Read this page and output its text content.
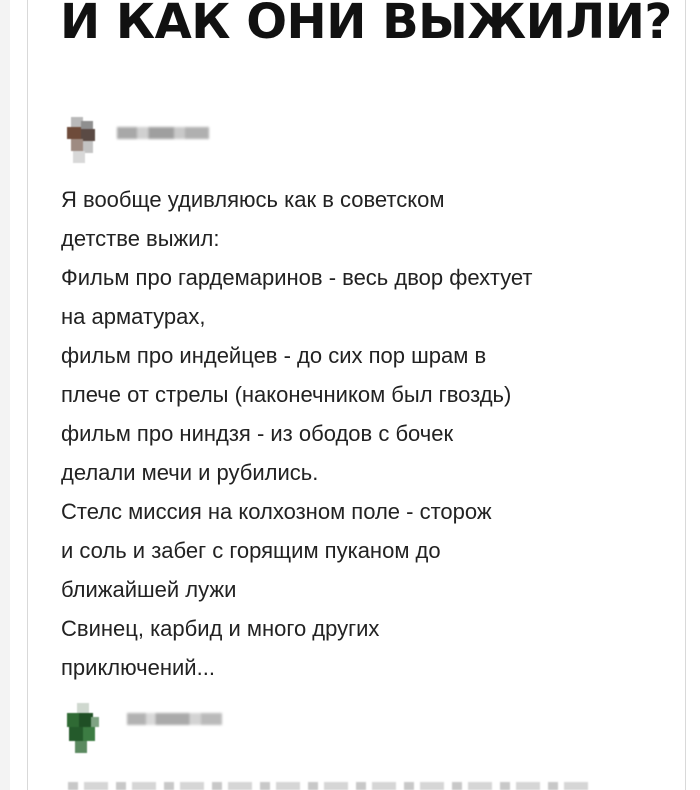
И КАК ОНИ ВЫЖИЛИ?
Я вообще удивляюсь как в советском
детстве выжил:
Фильм про гардемаринов - весь двор фехтует
на арматурах,
фильм про индейцев - до сих пор шрам в
плече от стрелы (наконечником был гвоздь)
фильм про ниндзя - из ободов с бочек
делали мечи и рубились.
Стелс миссия на колхозном поле - сторож
и соль и забег с горящим пуканом до
ближайшей лужи
Свинец, карбид и много других
приключений...
